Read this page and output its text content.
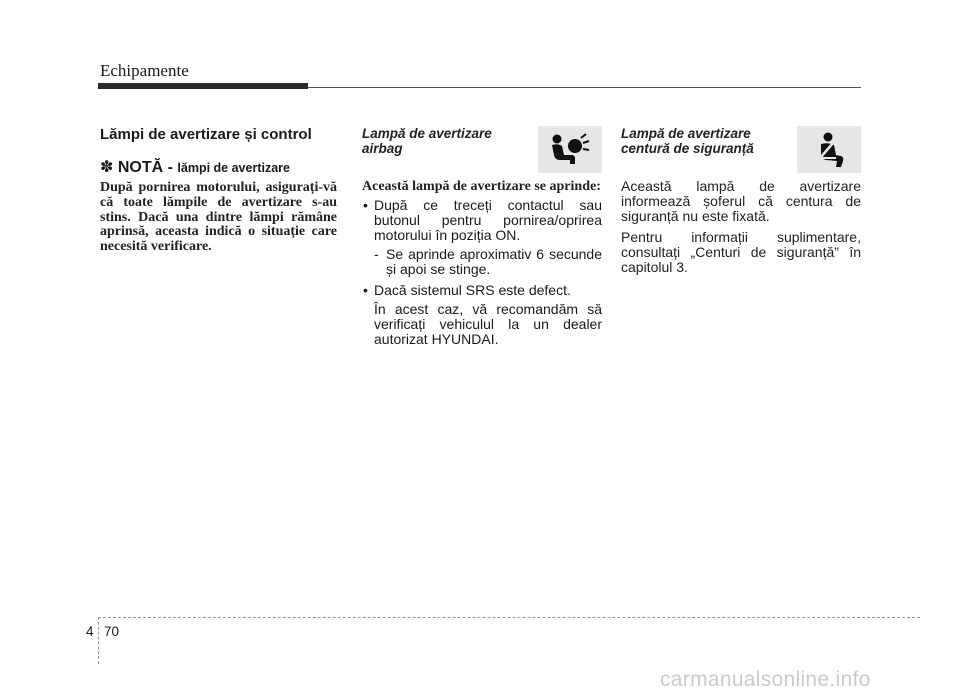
Echipamente
Lămpi de avertizare și control
✽ NOTĂ - lămpi de avertizare
După pornirea motorului, asigurați-vă că toate lămpile de avertizare s-au stins. Dacă una dintre lămpi rămâne aprinsă, aceasta indică o situație care necesită verificare.
Lampă de avertizare airbag
Această lampă de avertizare se aprinde:
• După ce treceți contactul sau butonul pentru pornirea/oprirea motorului în poziția ON.
- Se aprinde aproximativ 6 secunde și apoi se stinge.
• Dacă sistemul SRS este defect.
În acest caz, vă recomandăm să verificați vehiculul la un dealer autorizat HYUNDAI.
Lampă de avertizare centură de siguranță
Această lampă de avertizare informează șoferul că centura de siguranță nu este fixată.
Pentru informații suplimentare, consultați „Centuri de siguranță” în capitolul 3.
4 70
carmanualsonline.info
